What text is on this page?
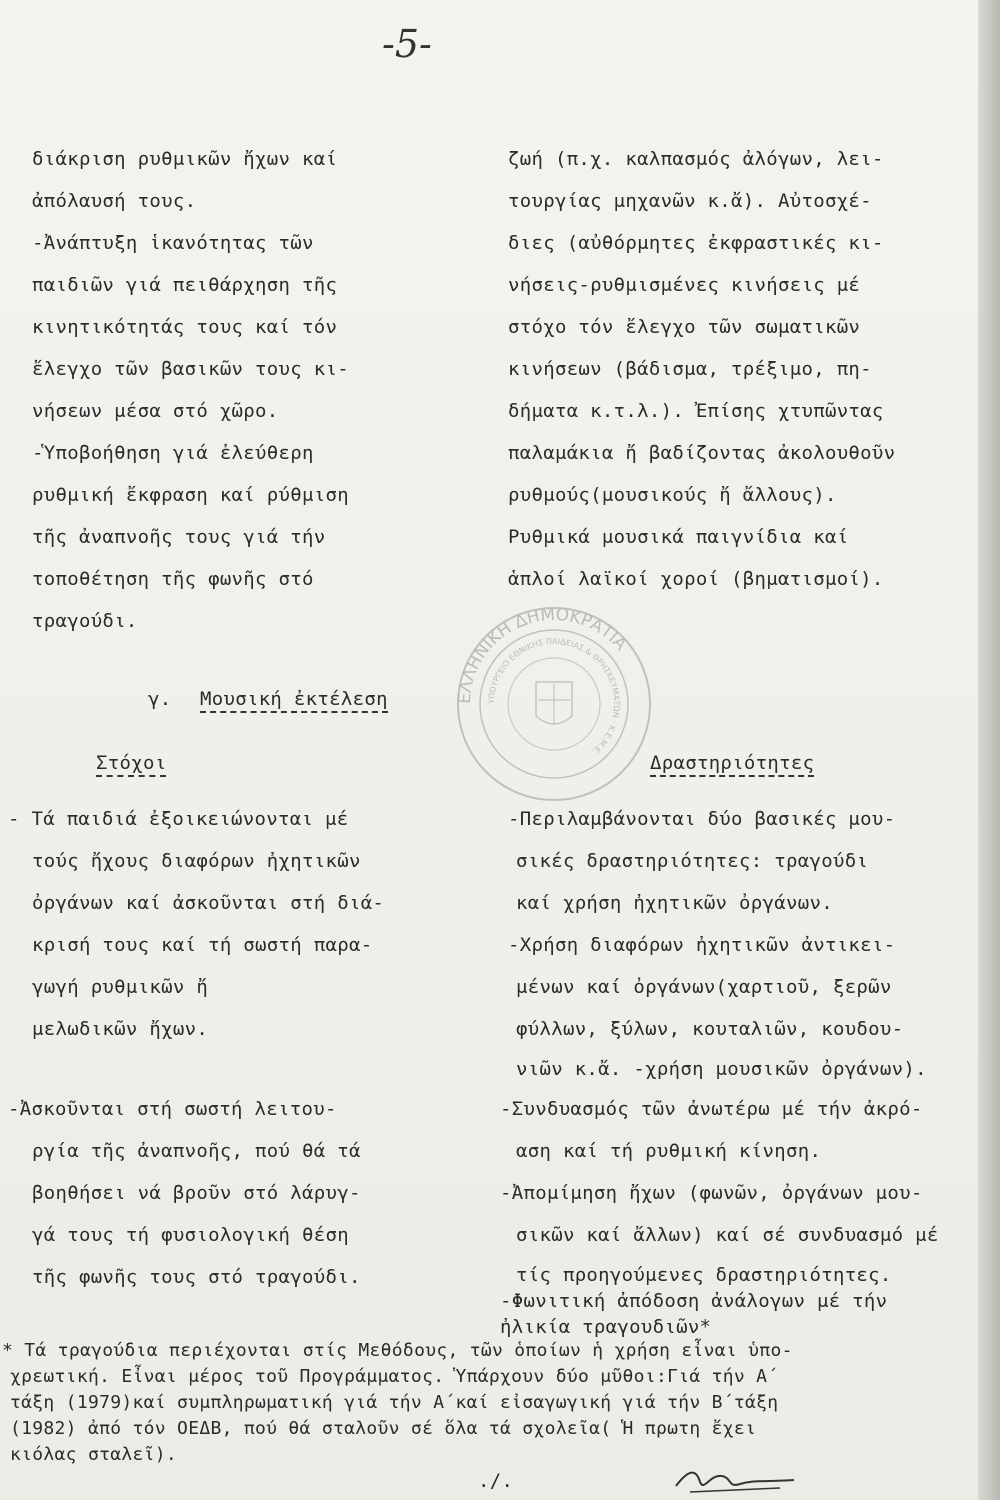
-5-
διάκριση ρυθμικῶν ἤχων καί
ἀπόλαυσή τους.
-Ἀνάπτυξη ἱκανότητας τῶν
παιδιῶν γιά πειθάρχηση τῆς
κινητικότητάς τους καί τόν
ἔλεγχο τῶν βασικῶν τους κι-
νήσεων μέσα στό χῶρο.
-Ὑποβοήθηση γιά ἐλεύθερη
ρυθμική ἔκφραση καί ρύθμιση
τῆς ἀναπνοῆς τους γιά τήν
τοποθέτηση τῆς φωνῆς στό
τραγούδι.
ζωή (π.χ. καλπασμός ἀλόγων, λει-
τουργίας μηχανῶν κ.ἄ). Αὐτοσχέ-
διες (αὐθόρμητες ἐκφραστικές κι-
νήσεις-ρυθμισμένες κινήσεις μέ
στόχο τόν ἔλεγχο τῶν σωματικῶν
κινήσεων (βάδισμα, τρέξιμο, πη-
δήματα κ.τ.λ.). Ἐπίσης χτυπῶντας
παλαμάκια ἤ βαδίζοντας ἀκολουθοῦν
ρυθμούς(μουσικούς ἤ ἄλλους).
Ρυθμικά μουσικά παιγνίδια καί
ἁπλοί λαϊκοί χοροί (βηματισμοί).
γ. Μουσική ἐκτέλεση
Στόχοι	Δραστηριότητες
- Τά παιδιά ἐξοικειώνονται μέ
τούς ἤχους διαφόρων ἠχητικῶν
ὀργάνων καί ἀσκοῦνται στή διά-
κρισή τους καί τή σωστή παρα-
γωγή ρυθμικῶν ἤ
μελωδικῶν ἤχων.
-Ἀσκοῦνται στή σωστή λειτου-
ργία τῆς ἀναπνοῆς, πού θά τά
βοηθήσει νά βροῦν στό λάρυγ-
γά τους τή φυσιολογική θέση
τῆς φωνῆς τους στό τραγούδι.
-Περιλαμβάνονται δύο βασικές μου-
σικές δραστηριότητες: τραγούδι
καί χρήση ἠχητικῶν ὀργάνων.
-Χρήση διαφόρων ἠχητικῶν ἀντικει-
μένων καί ὀργάνων(χαρτιοῦ, ξερῶν
φύλλων, ξύλων, κουταλιῶν, κουδου-
νιῶν κ.ἄ. -χρήση μουσικῶν ὀργάνων).
-Συνδυασμός τῶν ἀνωτέρω μέ τήν ἀκρό-
αση καί τή ρυθμική κίνηση.
-Ἀπομίμηση ἤχων (φωνῶν, ὀργάνων μου-
σικῶν καί ἄλλων) καί σέ συνδυασμό μέ
τίς προηγούμενες δραστηριότητες.
-Φωνιτική ἀπόδοση ἀνάλογων μέ τήν
ἠλικία τραγουδιῶν*
* Τά τραγούδια περιέχονται στίς Μεθόδους, τῶν ὁποίων ἡ χρήση εἶναι ὑπο-
χρεωτική. Εἶναι μέρος τοῦ Προγράμματος. Ὑπάρχουν δύο μῦθοι:Γιά τήν Α΄
τάξη (1979)καί συμπληρωματική γιά τήν Α΄καί εἰσαγωγική γιά τήν Β΄τάξη
(1982) ἀπό τόν ΟΕΔΒ, πού θά σταλοῦν σέ ὅλα τά σχολεῖα( Ἡ πρωτη ἔχει
κιόλας σταλεῖ).
./.
ΕΛΛΗΝΙΚΗ ΔΗΜΟΚΡΑΤΙΑ
ΥΠΟΥΡΓΕΙΟ ΕΘΝΙΚΗΣ ΠΑΙΔΕΙΑΣ & ΘΡΗΣΚΕΥΜΑΤΩΝ · Κ.Ε.Μ.Ε.
